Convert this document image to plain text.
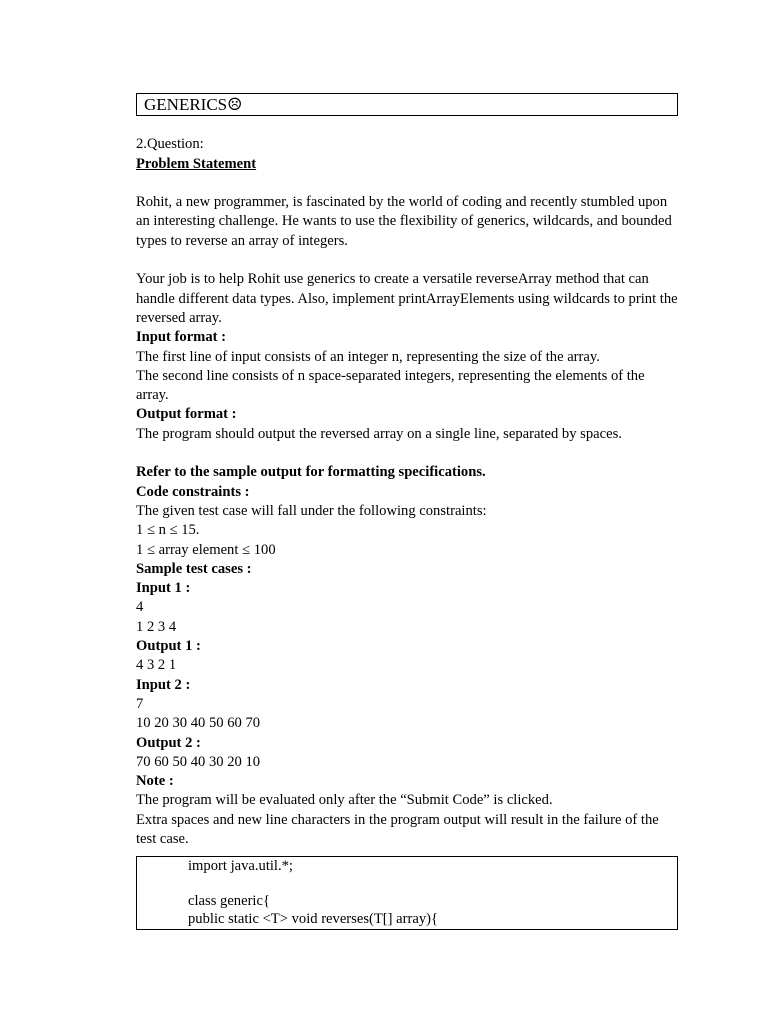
GENERICS☹

2.Question:

Problem Statement

Rohit, a new programmer, is fascinated by the world of coding and recently stumbled upon an interesting challenge. He wants to use the flexibility of generics, wildcards, and bounded types to reverse an array of integers.

Your job is to help Rohit use generics to create a versatile reverseArray method that can handle different data types. Also, implement printArrayElements using wildcards to print the reversed array.

Input format :

The first line of input consists of an integer n, representing the size of the array.

The second line consists of n space-separated integers, representing the elements of the array.

Output format :

The program should output the reversed array on a single line, separated by spaces.

Refer to the sample output for formatting specifications.

Code constraints :

The given test case will fall under the following constraints:

1 ≤ n ≤ 15.

1 ≤ array element ≤ 100

Sample test cases :

Input 1 :

4

1 2 3 4

Output 1 :

4 3 2 1

Input 2 :

7

10 20 30 40 50 60 70

Output 2 :

70 60 50 40 30 20 10

Note :

The program will be evaluated only after the “Submit Code” is clicked.

Extra spaces and new line characters in the program output will result in the failure of the test case.

import java.util.*;

class generic{

public static <T> void reverses(T[] array){
